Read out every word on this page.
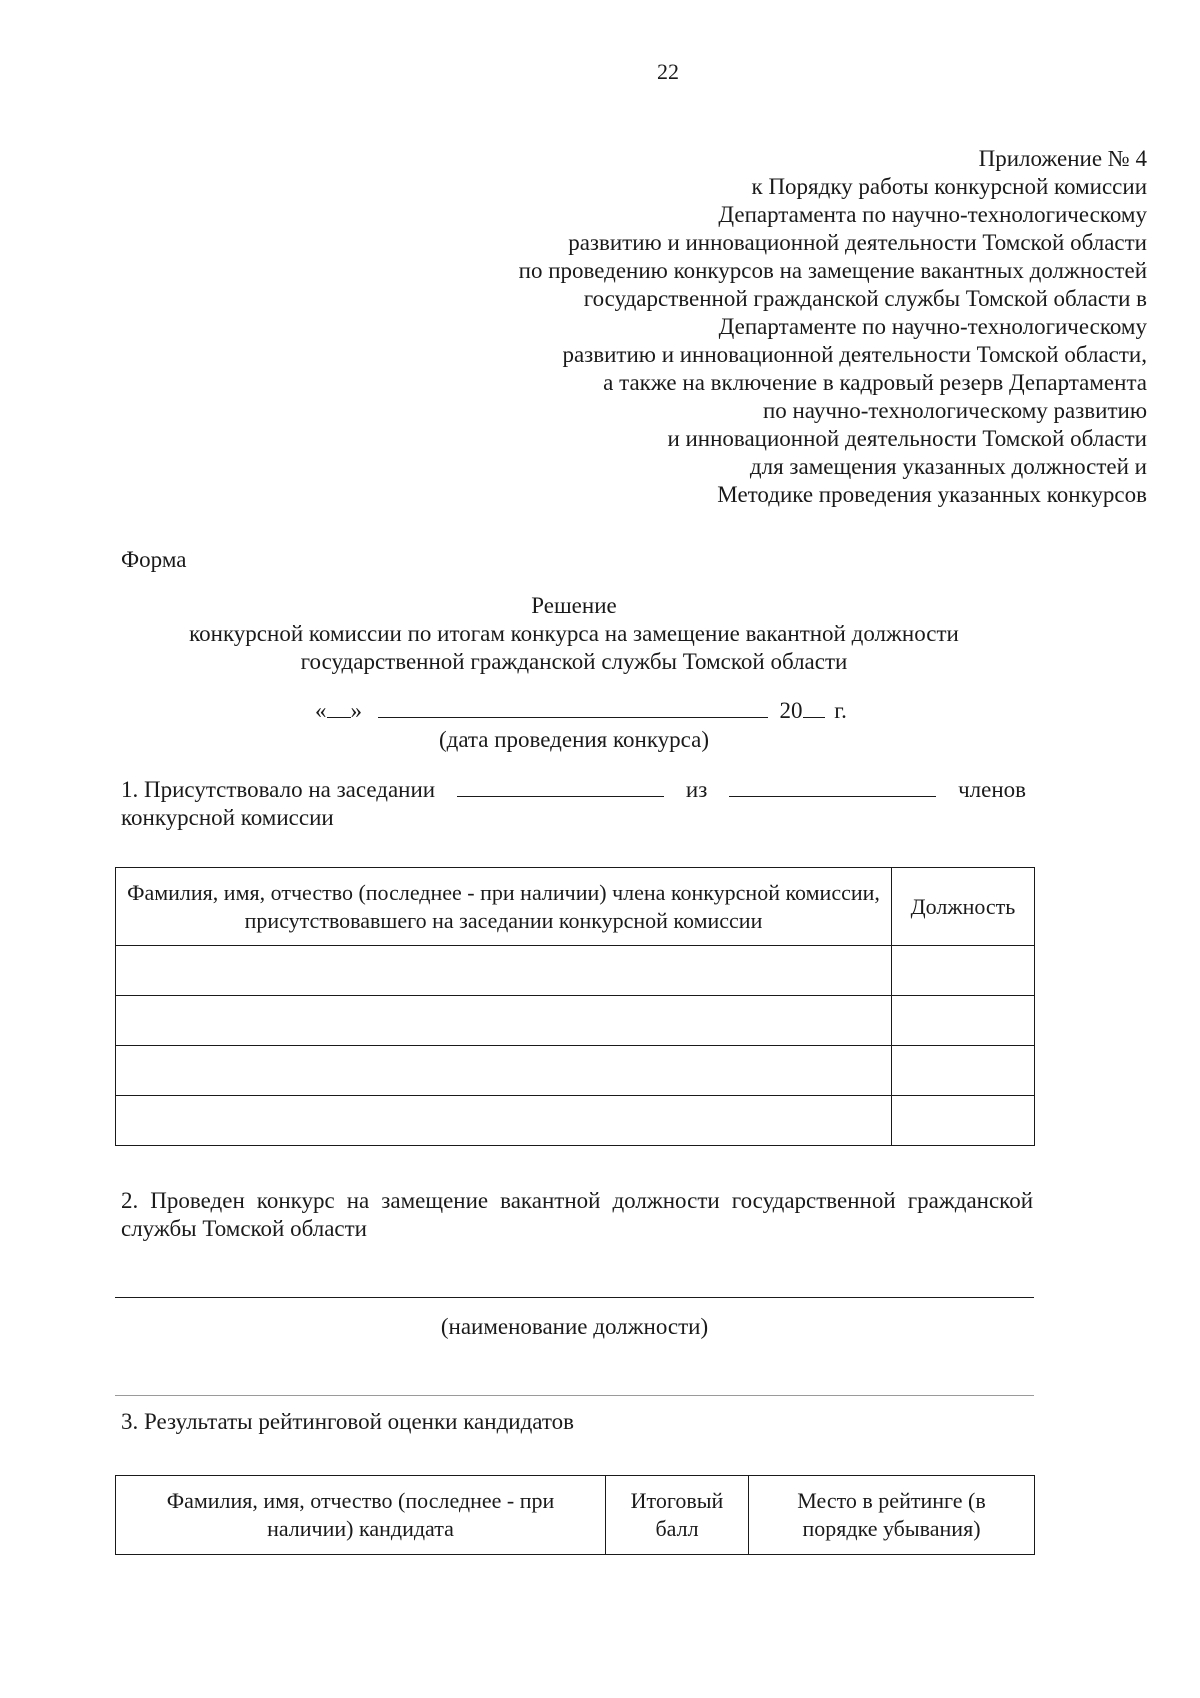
22
Приложение № 4
к Порядку работы конкурсной комиссии
Департамента по научно-технологическому
развитию и инновационной деятельности Томской области
по проведению конкурсов на замещение вакантных должностей
государственной гражданской службы Томской области в
Департаменте по научно-технологическому
развитию и инновационной деятельности Томской области,
а также на включение в кадровый резерв Департамента
по научно-технологическому развитию
и инновационной деятельности Томской области
для замещения указанных должностей и
Методике проведения указанных конкурсов
Форма
Решение
конкурсной комиссии по итогам конкурса на замещение вакантной должности
государственной гражданской службы Томской области
« »	20 г.
(дата проведения конкурса)
1. Присутствовало на заседании	из	членов
конкурсной комиссии
Фамилия, имя, отчество (последнее - при наличии) члена конкурсной комиссии, присутствовавшего на заседании конкурсной комиссии	Должность

2. Проведен конкурс на замещение вакантной должности государственной гражданской службы Томской области
(наименование должности)
3. Результаты рейтинговой оценки кандидатов
Фамилия, имя, отчество (последнее - при наличии) кандидата	Итоговый балл	Место в рейтинге (в порядке убывания)
